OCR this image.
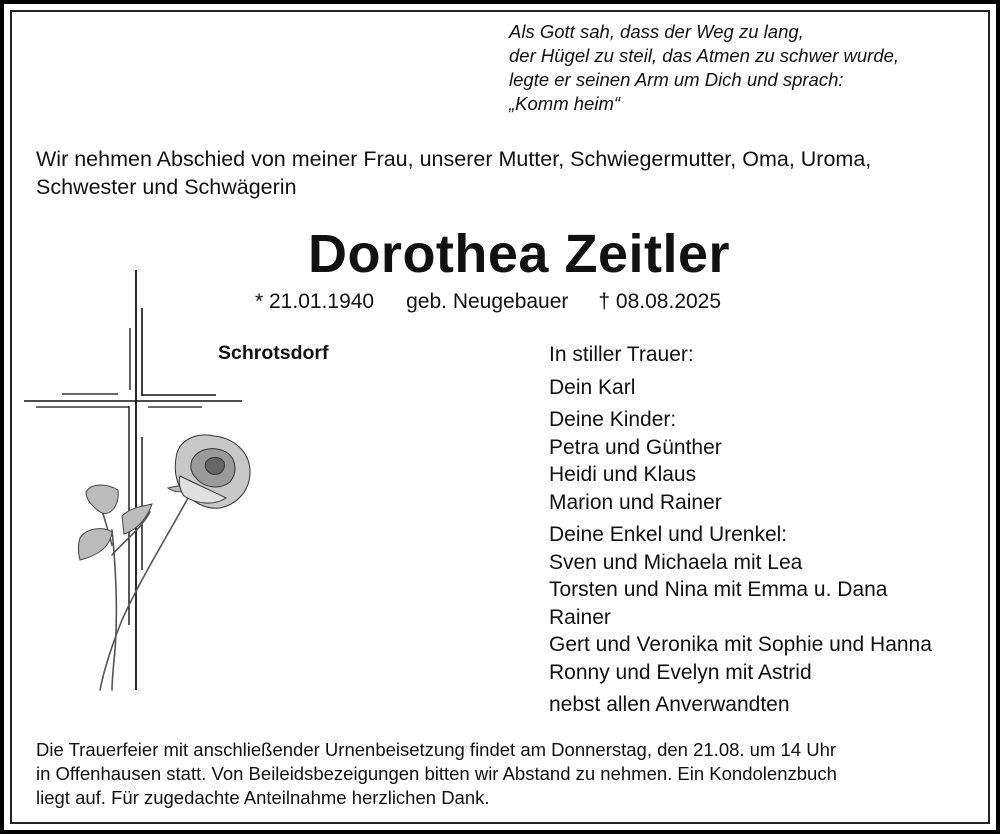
Als Gott sah, dass der Weg zu lang,
der Hügel zu steil, das Atmen zu schwer wurde,
legte er seinen Arm um Dich und sprach:
„Komm heim“
Wir nehmen Abschied von meiner Frau, unserer Mutter, Schwiegermutter, Oma, Uroma,
Schwester und Schwägerin
Dorothea Zeitler
* 21.01.1940 geb. Neugebauer † 08.08.2025
Schrotsdorf	In stiller Trauer:
Dein Karl
Deine Kinder:
Petra und Günther
Heidi und Klaus
Marion und Rainer
Deine Enkel und Urenkel:
Sven und Michaela mit Lea
Torsten und Nina mit Emma u. Dana
Rainer
Gert und Veronika mit Sophie und Hanna
Ronny und Evelyn mit Astrid
nebst allen Anverwandten
Die Trauerfeier mit anschließender Urnenbeisetzung findet am Donnerstag, den 21.08. um 14 Uhr
in Offenhausen statt. Von Beileidsbezeigungen bitten wir Abstand zu nehmen. Ein Kondolenzbuch
liegt auf. Für zugedachte Anteilnahme herzlichen Dank.
